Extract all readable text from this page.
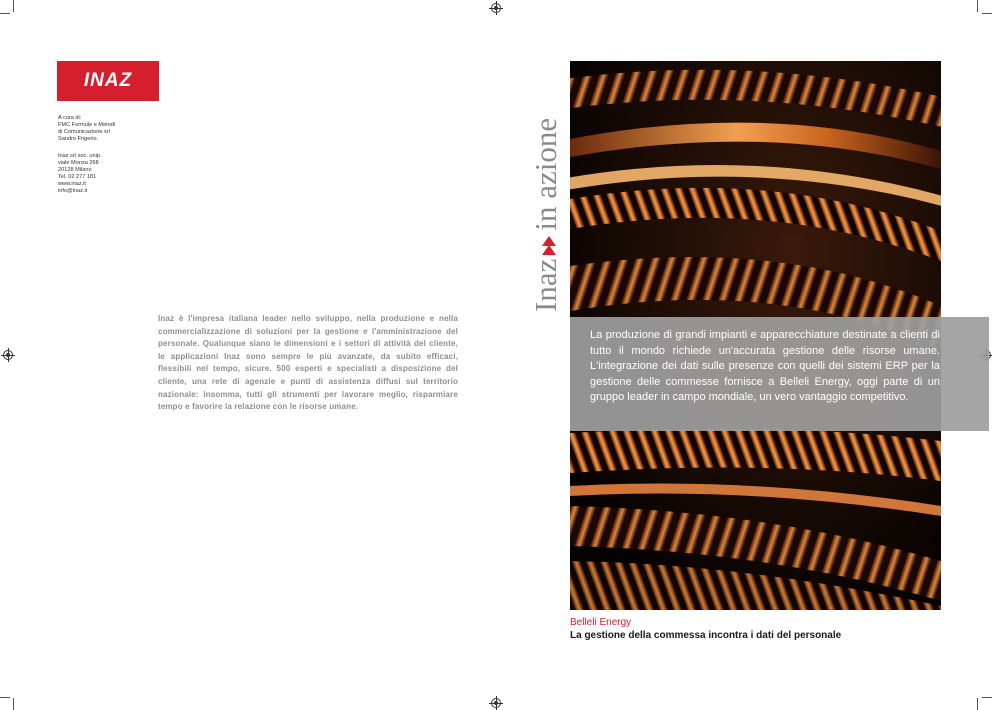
INAZ
A cura di:
FMC Formule e Metodi
di Comunicazione srl
Sandro Frigerio
Inaz srl soc. unip.
viale Monza 268
20128 Milano
Tel. 02 277 181
www.inaz.it
info@inaz.it
Inaz è l'impresa italiana leader nello sviluppo, nella produzione e nella commercializzazione di soluzioni per la gestione e l'amministrazione del personale. Qualunque siano le dimensioni e i settori di attività del cliente, le applicazioni Inaz sono sempre le più avanzate, da subito efficaci, flessibili nel tempo, sicure. 500 esperti e specialisti a disposizione del cliente, una rete di agenzie e punti di assistenza diffusi sul territorio nazionale: insomma, tutti gli strumenti per lavorare meglio, risparmiare tempo e favorire la relazione con le risorse umane.
Inazin azione

La produzione di grandi impianti e apparecchiature destinate a clienti di tutto il mondo richiede un'accurata gestione delle risorse umane. L'integrazione dei dati sulle presenze con quelli dei sistemi ERP per la gestione delle commesse fornisce a Belleli Energy, oggi parte di un gruppo leader in campo mondiale, un vero vantaggio competitivo.

Belleli Energy
La gestione della commessa incontra i dati del personale
